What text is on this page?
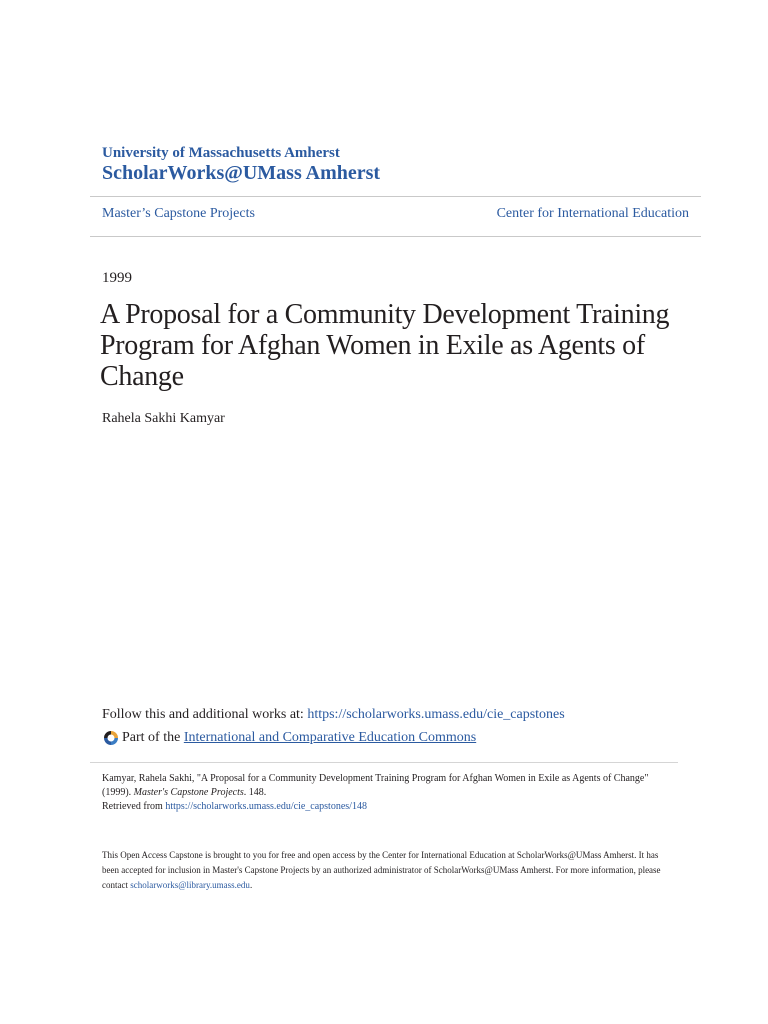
University of Massachusetts Amherst
ScholarWorks@UMass Amherst
Master’s Capstone Projects	Center for International Education
1999
A Proposal for a Community Development Training Program for Afghan Women in Exile as Agents of Change
Rahela Sakhi Kamyar
Follow this and additional works at: https://scholarworks.umass.edu/cie_capstones
Part of the
International and Comparative Education Commons
Kamyar, Rahela Sakhi, "A Proposal for a Community Development Training Program for Afghan Women in Exile as Agents of Change" (1999). Master's Capstone Projects. 148.
Retrieved from https://scholarworks.umass.edu/cie_capstones/148
This Open Access Capstone is brought to you for free and open access by the Center for International Education at ScholarWorks@UMass Amherst. It has been accepted for inclusion in Master's Capstone Projects by an authorized administrator of ScholarWorks@UMass Amherst. For more information, please contact scholarworks@library.umass.edu.
